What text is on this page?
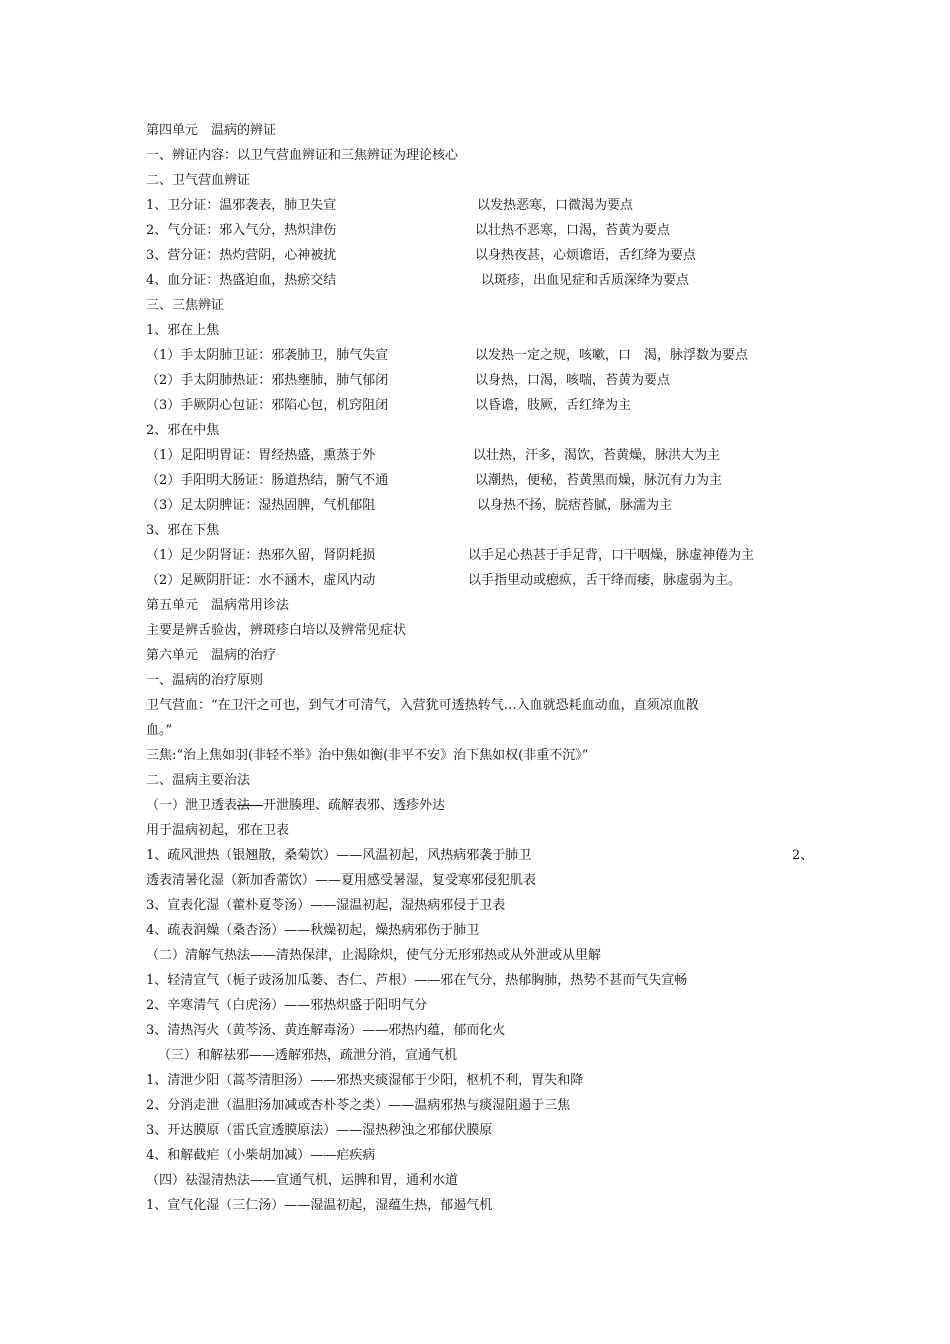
第四单元　温病的辨证
一、辨证内容：以卫气营血辨证和三焦辨证为理论核心
二、卫气营血辨证
1、卫分证：温邪袭表，肺卫失宣	以发热恶寒，口微渴为要点
2、气分证：邪入气分，热炽津伤	以壮热不恶寒，口渴，苔黄为要点
3、营分证：热灼营阴，心神被扰	以身热夜甚，心烦谵语，舌红绛为要点
4、血分证：热盛迫血，热瘀交结	以斑疹，出血见症和舌质深绛为要点
三、三焦辨证
1、邪在上焦
（1）手太阴肺卫证：邪袭肺卫，肺气失宣	以发热一定之规，咳嗽，口　渴，脉浮数为要点
（2）手太阴肺热证：邪热壅肺，肺气郁闭	以身热，口渴，咳喘，苔黄为要点
（3）手厥阴心包证：邪陷心包，机窍阻闭	以昏谵，肢厥，舌红绛为主
2、邪在中焦
（1）足阳明胃证：胃经热盛，熏蒸于外	以壮热，汗多，渴饮，苔黄燥，脉洪大为主
（2）手阳明大肠证：肠道热结，腑气不通	以潮热，便秘，苔黄黑而燥，脉沉有力为主
（3）足太阴脾证：湿热固脾，气机郁阻	以身热不扬，脘痞苔腻，脉濡为主
3、邪在下焦
（1）足少阴肾证：热邪久留，肾阴耗损	以手足心热甚于手足背，口干咽燥，脉虚神倦为主
（2）足厥阴肝证：水不涵木，虚风内动	以手指里动或瘛疭，舌干绛而痿，脉虚弱为主。
第五单元　温病常用诊法
主要是辨舌验齿，辨斑疹白培以及辨常见症状
第六单元　温病的治疗
一、温病的治疗原则
卫气营血：“在卫汗之可也，到气才可清气，入营犹可透热转气…入血就恐耗血动血，直须凉血散
血。”
三焦:“治上焦如羽(非轻不举》治中焦如衡(非平不安》治下焦如权(非重不沉》”
二、温病主要治法
（一）泄卫透表法—开泄腠理、疏解表邪、透疹外达
用于温病初起，邪在卫表
1、疏风泄热（银翘散，桑菊饮）——风温初起，风热病邪袭于肺卫	2、
透表清暑化湿（新加香薷饮）——夏用感受暑湿，复受寒邪侵犯肌表
3、宣表化湿（藿朴夏苓汤）——湿温初起，湿热病邪侵于卫表
4、疏表润燥（桑杏汤）——秋燥初起，燥热病邪伤于肺卫
（二）清解气热法——清热保津，止渴除炽，使气分无形邪热或从外泄或从里解
1、轻清宣气（栀子豉汤加瓜蒌、杏仁、芦根）——邪在气分，热郁胸肺，热势不甚而气失宣畅
2、辛寒清气（白虎汤）——邪热炽盛于阳明气分
3、清热泻火（黄芩汤、黄连解毒汤）——邪热内蕴，郁而化火
（三）和解祛邪——透解邪热，疏泄分消，宣通气机
1、清泄少阳（蒿芩清胆汤）——邪热夹痰湿郁于少阳，枢机不利，胃失和降
2、分消走泄（温胆汤加减或杏朴苓之类）——温病邪热与痰湿阻遏于三焦
3、开达膜原（雷氏宣透膜原法）——湿热秽浊之邪郁伏膜原
4、和解截疟（小柴胡加减）——疟疾病
（四）祛湿清热法——宣通气机，运脾和胃，通利水道
1、宣气化湿（三仁汤）——湿温初起，湿蕴生热，郁遏气机
